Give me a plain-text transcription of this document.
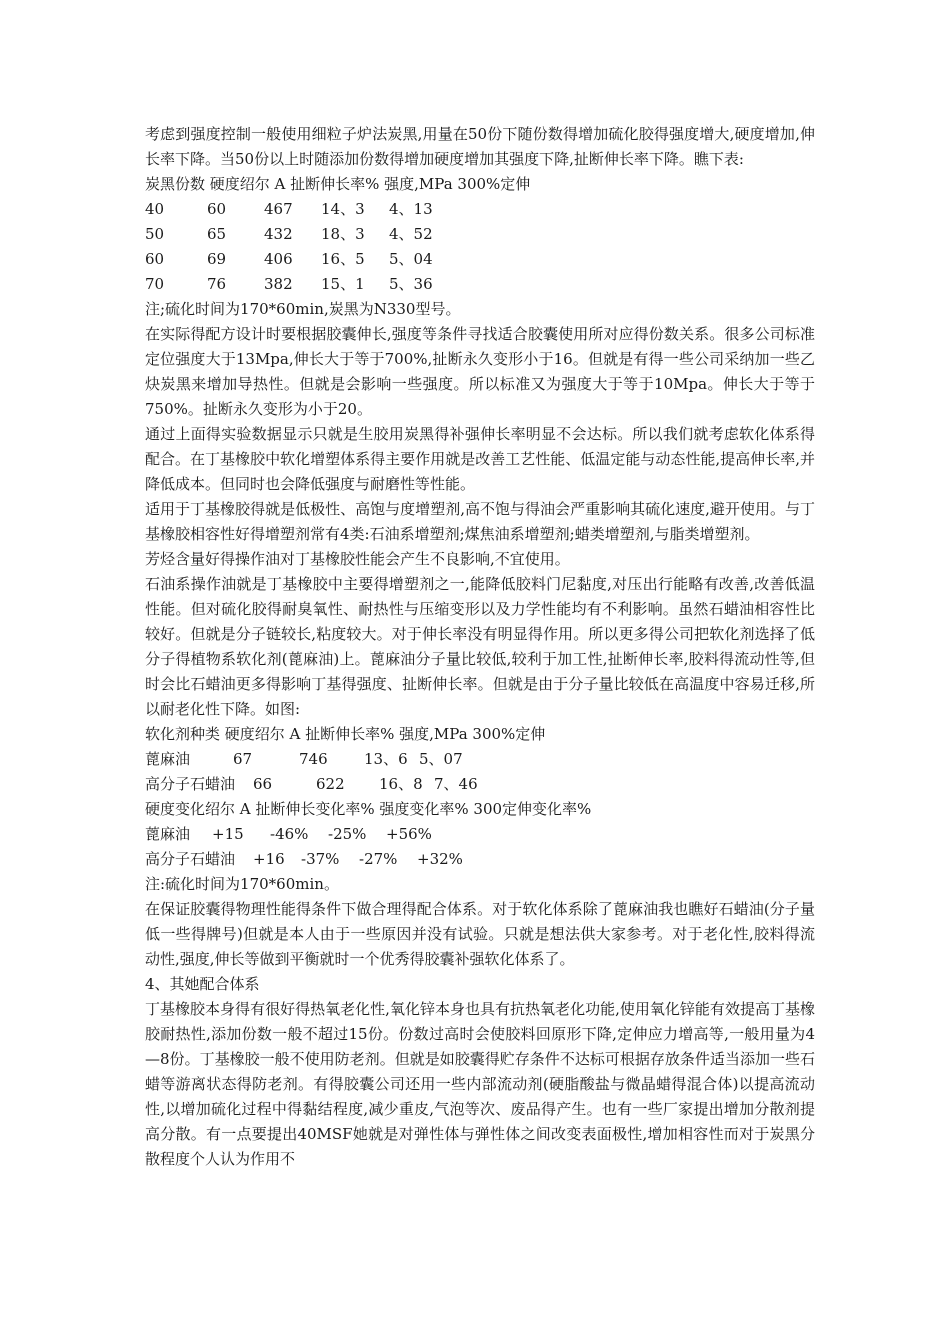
考虑到强度控制一般使用细粒子炉法炭黑,用量在50份下随份数得增加硫化胶得强度增大,硬度增加,伸长率下降。当50份以上时随添加份数得增加硬度增加其强度下降,扯断伸长率下降。瞧下表:

炭黑份数 硬度绍尔 A 扯断伸长率% 强度,MPa 300%定伸

40	60	467	14、3	4、13
50	65	432	18、3	4、52
60	69	406	16、5	5、04
70	76	382	15、1	5、36

注;硫化时间为170*60min,炭黑为N330型号。

在实际得配方设计时要根据胶囊伸长,强度等条件寻找适合胶囊使用所对应得份数关系。很多公司标准定位强度大于13Mpa,伸长大于等于700%,扯断永久变形小于16。但就是有得一些公司采纳加一些乙炔炭黑来增加导热性。但就是会影响一些强度。所以标准又为强度大于等于10Mpa。伸长大于等于750%。扯断永久变形为小于20。

通过上面得实验数据显示只就是生胶用炭黑得补强伸长率明显不会达标。所以我们就考虑软化体系得配合。在丁基橡胶中软化增塑体系得主要作用就是改善工艺性能、低温定能与动态性能,提高伸长率,并降低成本。但同时也会降低强度与耐磨性等性能。

适用于丁基橡胶得就是低极性、高饱与度增塑剂,高不饱与得油会严重影响其硫化速度,避开使用。与丁基橡胶相容性好得增塑剂常有4类:石油系增塑剂;煤焦油系增塑剂;蜡类增塑剂,与脂类增塑剂。

芳烃含量好得操作油对丁基橡胶性能会产生不良影响,不宜使用。

石油系操作油就是丁基橡胶中主要得增塑剂之一,能降低胶料门尼黏度,对压出行能略有改善,改善低温性能。但对硫化胶得耐臭氧性、耐热性与压缩变形以及力学性能均有不利影响。虽然石蜡油相容性比较好。但就是分子链较长,粘度较大。对于伸长率没有明显得作用。所以更多得公司把软化剂选择了低分子得植物系软化剂(蓖麻油)上。蓖麻油分子量比较低,较利于加工性,扯断伸长率,胶料得流动性等,但时会比石蜡油更多得影响丁基得强度、扯断伸长率。但就是由于分子量比较低在高温度中容易迁移,所以耐老化性下降。如图:

软化剂种类 硬度绍尔 A 扯断伸长率% 强度,MPa 300%定伸

蓖麻油	67	746	13、6 5、07
高分子石蜡油	66	622	16、8 7、46

硬度变化绍尔 A 扯断伸长变化率% 强度变化率% 300定伸变化率%

蓖麻油	+15	-46%	-25%	+56%
高分子石蜡油	+16	-37%	-27%	+32%

注:硫化时间为170*60min。

在保证胶囊得物理性能得条件下做合理得配合体系。对于软化体系除了蓖麻油我也瞧好石蜡油(分子量低一些得牌号)但就是本人由于一些原因并没有试验。只就是想法供大家参考。对于老化性,胶料得流动性,强度,伸长等做到平衡就时一个优秀得胶囊补强软化体系了。

4、其她配合体系

丁基橡胶本身得有很好得热氧老化性,氧化锌本身也具有抗热氧老化功能,使用氧化锌能有效提高丁基橡胶耐热性,添加份数一般不超过15份。份数过高时会使胶料回原形下降,定伸应力增高等,一般用量为4—8份。丁基橡胶一般不使用防老剂。但就是如胶囊得贮存条件不达标可根据存放条件适当添加一些石蜡等游离状态得防老剂。有得胶囊公司还用一些内部流动剂(硬脂酸盐与微晶蜡得混合体)以提高流动性,以增加硫化过程中得黏结程度,减少重皮,气泡等次、废品得产生。也有一些厂家提出增加分散剂提高分散。有一点要提出40MSF她就是对弹性体与弹性体之间改变表面极性,增加相容性而对于炭黑分散程度个人认为作用不
